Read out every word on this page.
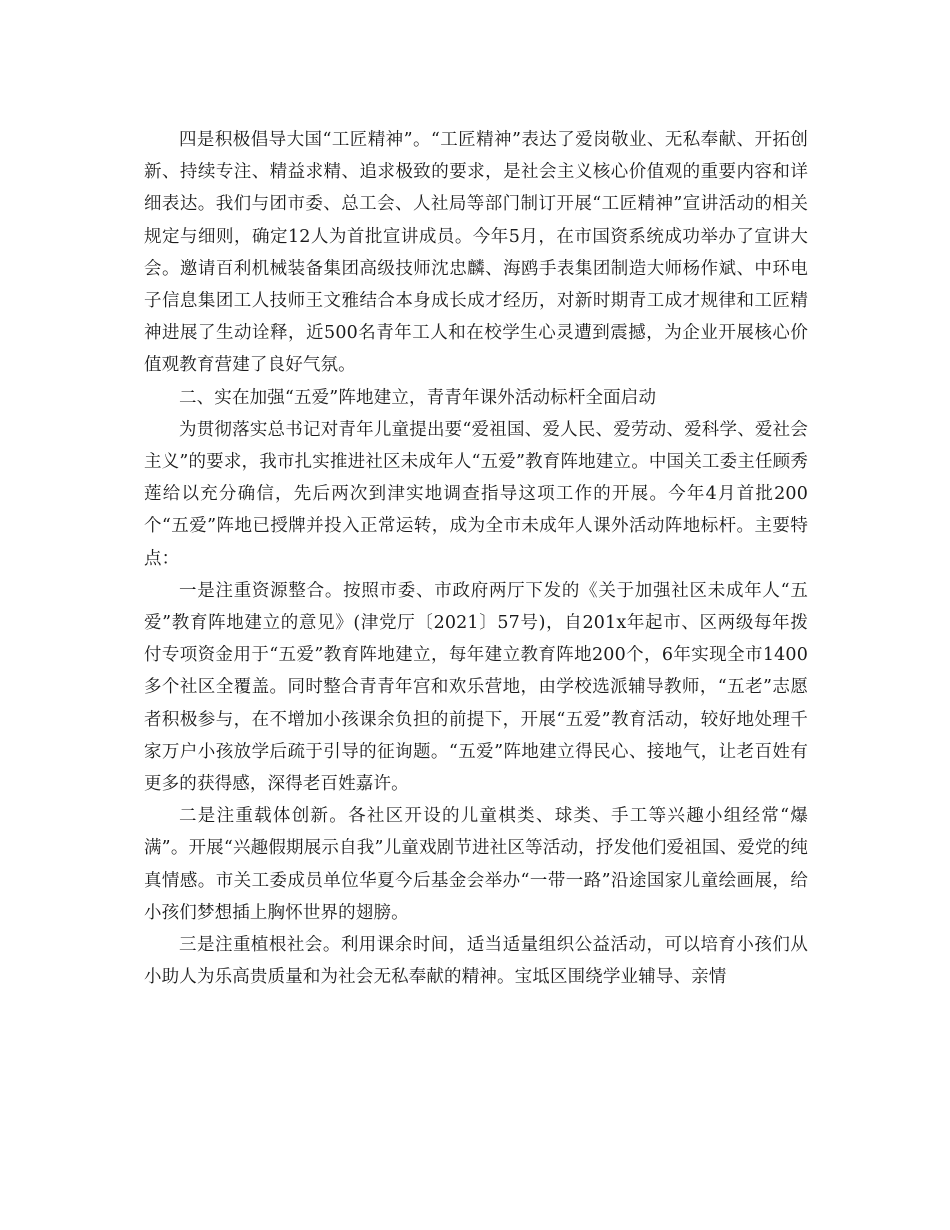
四是积极倡导大国“工匠精神”。“工匠精神”表达了爱岗敬业、无私奉献、开拓创新、持续专注、精益求精、追求极致的要求，是社会主义核心价值观的重要内容和详细表达。我们与团市委、总工会、人社局等部门制订开展“工匠精神”宣讲活动的相关规定与细则，确定12人为首批宣讲成员。今年5月，在市国资系统成功举办了宣讲大会。邀请百利机械装备集团高级技师沈忠麟、海鸥手表集团制造大师杨作斌、中环电子信息集团工人技师王文雅结合本身成长成才经历，对新时期青工成才规律和工匠精神进展了生动诠释，近500名青年工人和在校学生心灵遭到震撼，为企业开展核心价值观教育营建了良好气氛。

二、实在加强“五爱”阵地建立，青青年课外活动标杆全面启动

为贯彻落实总书记对青年儿童提出要“爱祖国、爱人民、爱劳动、爱科学、爱社会主义”的要求，我市扎实推进社区未成年人“五爱”教育阵地建立。中国关工委主任顾秀莲给以充分确信，先后两次到津实地调查指导这项工作的开展。今年4月首批200个“五爱”阵地已授牌并投入正常运转，成为全市未成年人课外活动阵地标杆。主要特点：

一是注重资源整合。按照市委、市政府两厅下发的《关于加强社区未成年人“五爱”教育阵地建立的意见》(津党厅〔2021〕57号)，自201x年起市、区两级每年拨付专项资金用于“五爱”教育阵地建立，每年建立教育阵地200个，6年实现全市1400多个社区全覆盖。同时整合青青年宫和欢乐营地，由学校选派辅导教师，“五老”志愿者积极参与，在不增加小孩课余负担的前提下，开展“五爱”教育活动，较好地处理千家万户小孩放学后疏于引导的征询题。“五爱”阵地建立得民心、接地气，让老百姓有更多的获得感，深得老百姓嘉许。

二是注重载体创新。各社区开设的儿童棋类、球类、手工等兴趣小组经常“爆满”。开展“兴趣假期展示自我”儿童戏剧节进社区等活动，抒发他们爱祖国、爱党的纯真情感。市关工委成员单位华夏今后基金会举办“一带一路”沿途国家儿童绘画展，给小孩们梦想插上胸怀世界的翅膀。

三是注重植根社会。利用课余时间，适当适量组织公益活动，可以培育小孩们从小助人为乐高贵质量和为社会无私奉献的精神。宝坻区围绕学业辅导、亲情
